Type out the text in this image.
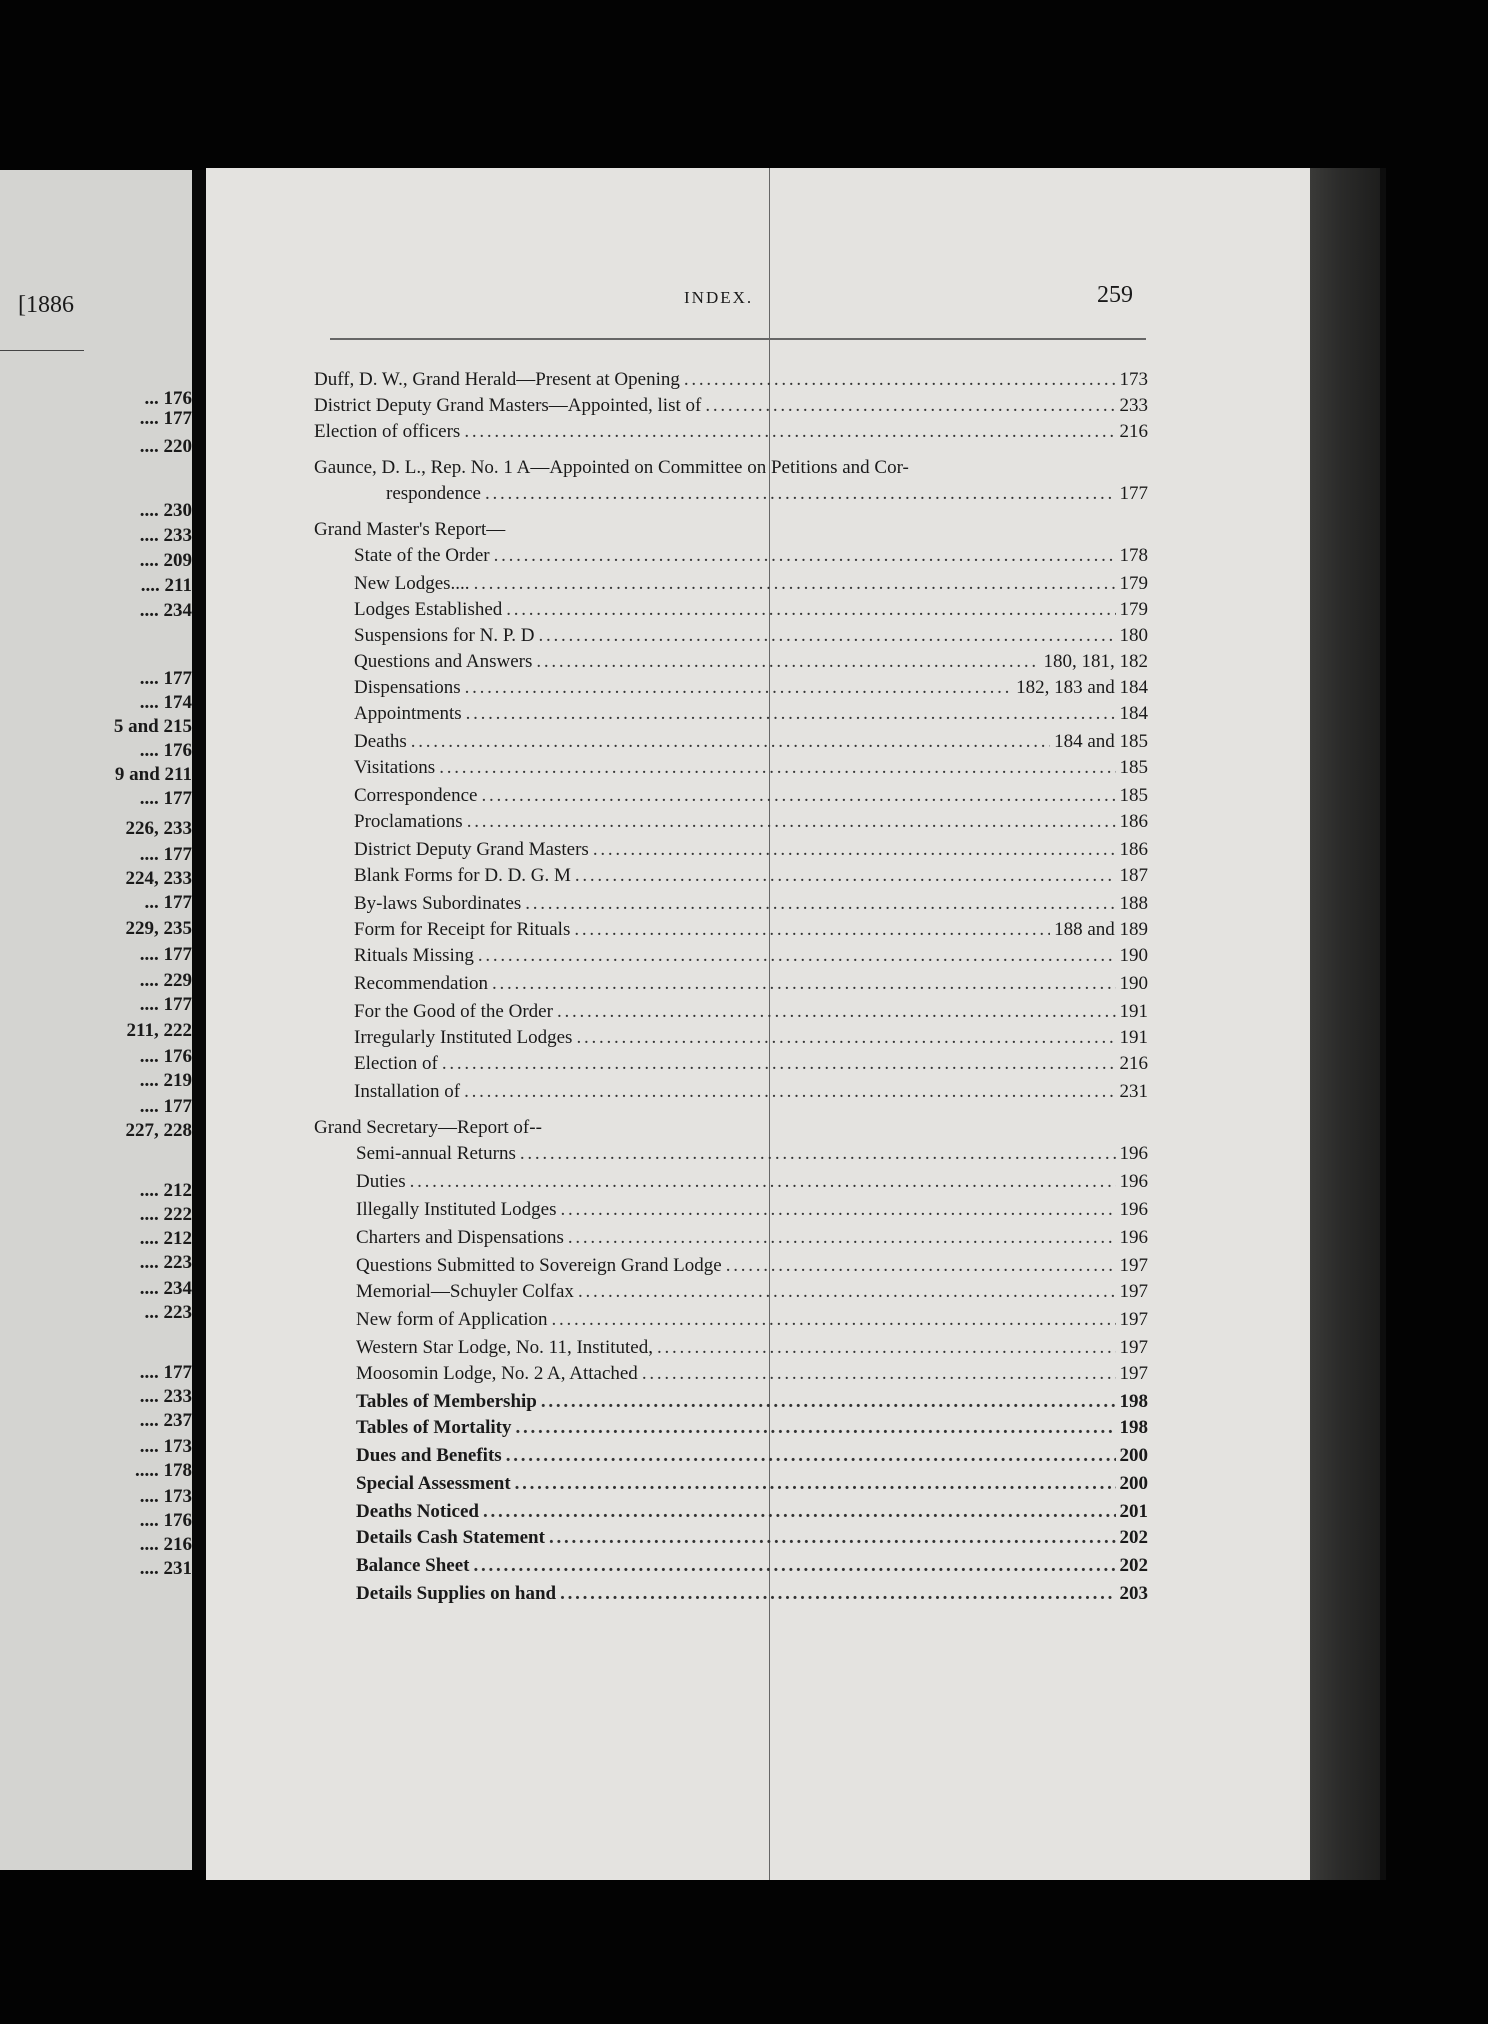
[1886
... 176
.... 177
.... 220
.... 230
.... 233
.... 209
.... 211
.... 234
.... 177
.... 174
5 and 215
.... 176
9 and 211
.... 177
226, 233
.... 177
224, 233
... 177
229, 235
.... 177
.... 229
.... 177
211, 222
.... 176
.... 219
.... 177
227, 228
.... 212
.... 222
.... 212
.... 223
.... 234
... 223
.... 177
.... 233
.... 237
.... 173
..... 178
.... 173
.... 176
.... 216
.... 231
INDEX.	259
Duff, D. W., Grand Herald—Present at Opening . . .	173
District Deputy Grand Masters—Appointed, list of . . .	233
Election of officers . . .	216
Gaunce, D. L., Rep. No. 1 A—Appointed on Committee on Petitions and Cor-
respondence . . .	177
Grand Master's Report—
State of the Order . . .	178
New Lodges.... . . .	179
Lodges Established . . .	179
Suspensions for N. P. D . . .	180
Questions and Answers . . .	180, 181, 182
Dispensations . . .	182, 183 and 184
Appointments . . .	184
Deaths . . .	184 and 185
Visitations . . .	185
Correspondence . . .	185
Proclamations . . .	186
District Deputy Grand Masters . . .	186
Blank Forms for D. D. G. M . . .	187
By-laws Subordinates . . .	188
Form for Receipt for Rituals . . .	188 and 189
Rituals Missing . . .	190
Recommendation . . .	190
For the Good of the Order . . .	191
Irregularly Instituted Lodges . . .	191
Election of . . .	216
Installation of . . .	231
Grand Secretary—Report of--
Semi-annual Returns . . .	196
Duties . . .	196
Illegally Instituted Lodges . . .	196
Charters and Dispensations . . .	196
Questions Submitted to Sovereign Grand Lodge . . .	197
Memorial—Schuyler Colfax . . .	197
New form of Application . . .	197
Western Star Lodge, No. 11, Instituted, . . .	197
Moosomin Lodge, No. 2 A, Attached . . .	197
Tables of Membership . . .	198
Tables of Mortality . . .	198
Dues and Benefits . . .	200
Special Assessment . . .	200
Deaths Noticed . . .	201
Details Cash Statement . . .	202
Balance Sheet . . .	202
Details Supplies on hand . . .	203
